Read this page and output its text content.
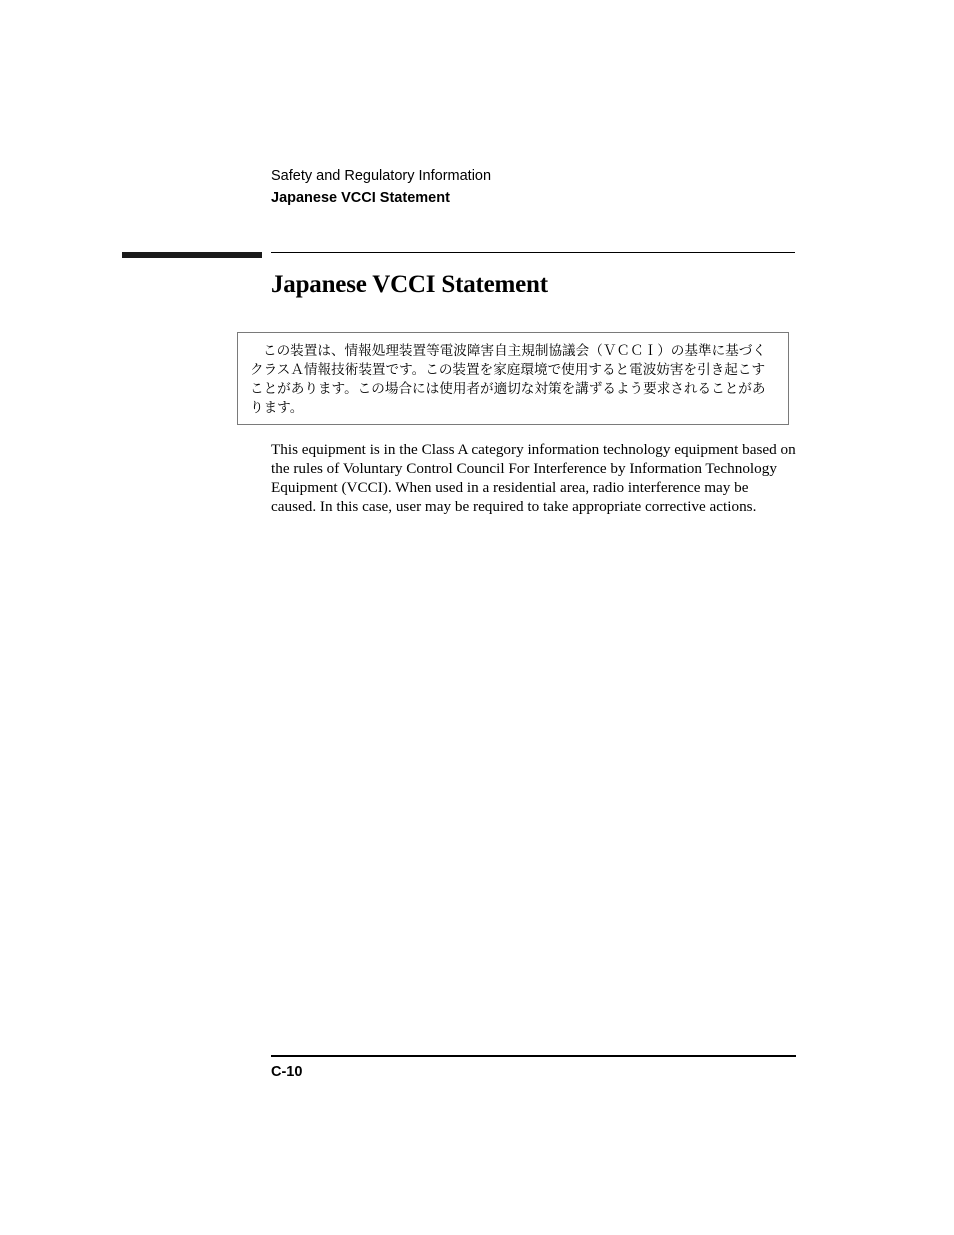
Safety and Regulatory Information
Japanese VCCI Statement
Japanese VCCI Statement
この装置は、情報処理装置等電波障害自主規制協議会（ＶＣＣＩ）の基準に基づくクラスＡ情報技術装置です。この装置を家庭環境で使用すると電波妨害を引き起こすことがあります。この場合には使用者が適切な対策を講ずるよう要求されることがあります。

This equipment is in the Class A category information technology equipment based on the rules of Voluntary Control Council For Interference by Information Technology Equipment (VCCI). When used in a residential area, radio interference may be caused. In this case, user may be required to take appropriate corrective actions.

C-10
